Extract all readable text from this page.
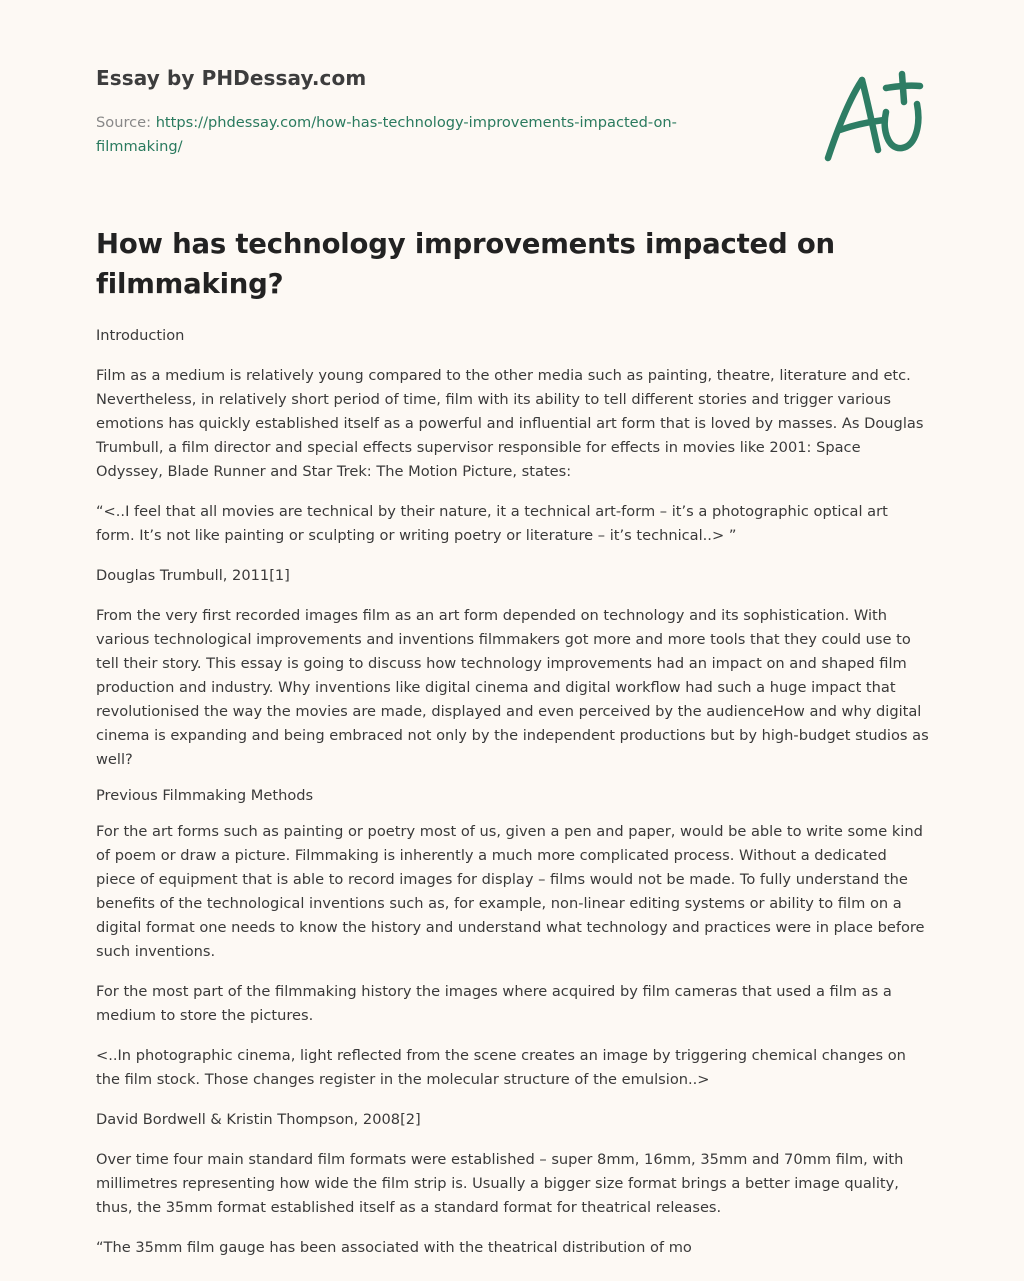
Essay by PHDessay.com
Source: https://phdessay.com/how-has-technology-improvements-impacted-on-filmmaking/
How has technology improvements impacted on filmmaking?

Introduction

Film as a medium is relatively young compared to the other media such as painting, theatre, literature and etc. Nevertheless, in relatively short period of time, film with its ability to tell different stories and trigger various emotions has quickly established itself as a powerful and influential art form that is loved by masses. As Douglas Trumbull, a film director and special effects supervisor responsible for effects in movies like 2001: Space Odyssey, Blade Runner and Star Trek: The Motion Picture, states:

“<..I feel that all movies are technical by their nature, it a technical art-form – it’s a photographic optical art form. It’s not like painting or sculpting or writing poetry or literature – it’s technical..> ”

Douglas Trumbull, 2011[1]

From the very first recorded images film as an art form depended on technology and its sophistication. With various technological improvements and inventions filmmakers got more and more tools that they could use to tell their story. This essay is going to discuss how technology improvements had an impact on and shaped film production and industry. Why inventions like digital cinema and digital workflow had such a huge impact that revolutionised the way the movies are made, displayed and even perceived by the audienceHow and why digital cinema is expanding and being embraced not only by the independent productions but by high-budget studios as well?

Previous Filmmaking Methods

For the art forms such as painting or poetry most of us, given a pen and paper, would be able to write some kind of poem or draw a picture. Filmmaking is inherently a much more complicated process. Without a dedicated piece of equipment that is able to record images for display – films would not be made. To fully understand the benefits of the technological inventions such as, for example, non-linear editing systems or ability to film on a digital format one needs to know the history and understand what technology and practices were in place before such inventions.

For the most part of the filmmaking history the images where acquired by film cameras that used a film as a medium to store the pictures.

<..In photographic cinema, light reflected from the scene creates an image by triggering chemical changes on the film stock. Those changes register in the molecular structure of the emulsion..>

David Bordwell & Kristin Thompson, 2008[2]

Over time four main standard film formats were established – super 8mm, 16mm, 35mm and 70mm film, with millimetres representing how wide the film strip is. Usually a bigger size format brings a better image quality, thus, the 35mm format established itself as a standard format for theatrical releases.

“The 35mm film gauge has been associated with the theatrical distribution of mo
